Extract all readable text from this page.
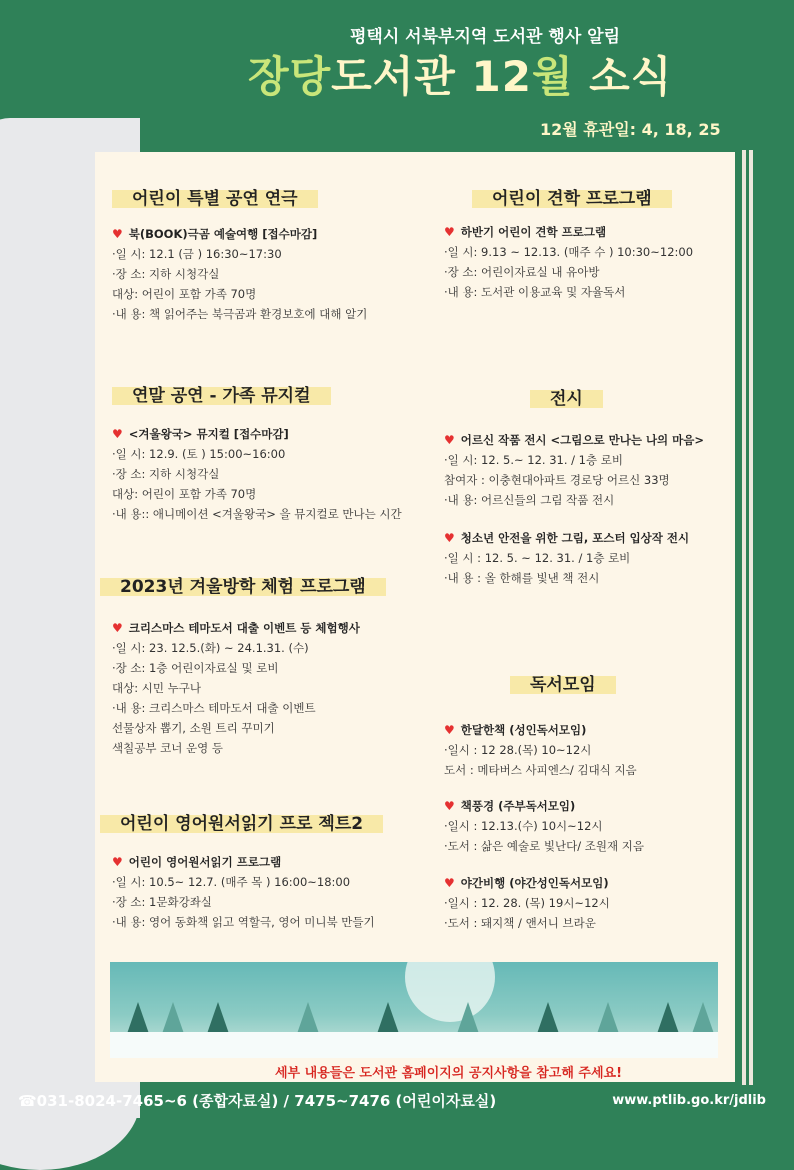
평택시 서북부지역 도서관 행사 알림
장당도서관 12월 소식
12월 휴관일: 4, 18, 25
어린이 특별 공연 연극
♥ 북(BOOK)극곰 예술여행 [접수마감]
·일 시: 12.1 (금 ) 16:30~17:30
·장 소: 지하 시청각실
대상: 어린이 포함 가족 70명
·내 용: 책 읽어주는 북극곰과 환경보호에 대해 알기
연말 공연 - 가족 뮤지컬
♥ <겨울왕국> 뮤지컬 [접수마감]
·일 시: 12.9. (토 ) 15:00~16:00
·장 소: 지하 시청각실
대상: 어린이 포함 가족 70명
·내 용:: 애니메이션 <겨울왕국> 을 뮤지컬로 만나는 시간
2023년 겨울방학 체험 프로그램
♥ 크리스마스 테마도서 대출 이벤트 등 체험행사
·일 시: 23. 12.5.(화) ~ 24.1.31. (수)
·장 소: 1층 어린이자료실 및 로비
대상: 시민 누구나
·내 용: 크리스마스 테마도서 대출 이벤트
선물상자 뽑기, 소원 트리 꾸미기
색칠공부 코너 운영 등
어린이 영어원서읽기 프로 젝트2
♥ 어린이 영어원서읽기 프로그램
·일 시: 10.5~ 12.7. (매주 목 ) 16:00~18:00
·장 소: 1문화강좌실
·내 용: 영어 동화책 읽고 역할극, 영어 미니북 만들기
어린이 견학 프로그램
♥ 하반기 어린이 견학 프로그램
·일 시: 9.13 ~ 12.13. (매주 수 ) 10:30~12:00
·장 소: 어린이자료실 내 유아방
·내 용: 도서관 이용교육 및 자율독서
전시
♥ 어르신 작품 전시 <그림으로 만나는 나의 마음>
·일 시: 12. 5.~ 12. 31. / 1층 로비
참여자 : 이충현대아파트 경로당 어르신 33명
·내 용: 어르신들의 그림 작품 전시
♥ 청소년 안전을 위한 그림, 포스터 입상작 전시
·일 시 : 12. 5. ~ 12. 31. / 1층 로비
·내 용 : 올 한해를 빛낸 책 전시
독서모임
♥ 한달한책 (성인독서모임)
·일시 : 12 28.(목) 10~12시
도서 : 메타버스 사피엔스/ 김대식 지음
♥ 책풍경 (주부독서모임)
·일시 : 12.13.(수) 10시~12시
·도서 : 삶은 예술로 빛난다/ 조원재 지음
♥ 야간비행 (야간성인독서모임)
·일시 : 12. 28. (목) 19시~12시
·도서 : 돼지책 / 앤서니 브라운
세부 내용들은 도서관 홈페이지의 공지사항을 참고해 주세요!
☎031-8024-7465~6 (종합자료실) / 7475~7476 (어린이자료실)	www.ptlib.go.kr/jdlib
